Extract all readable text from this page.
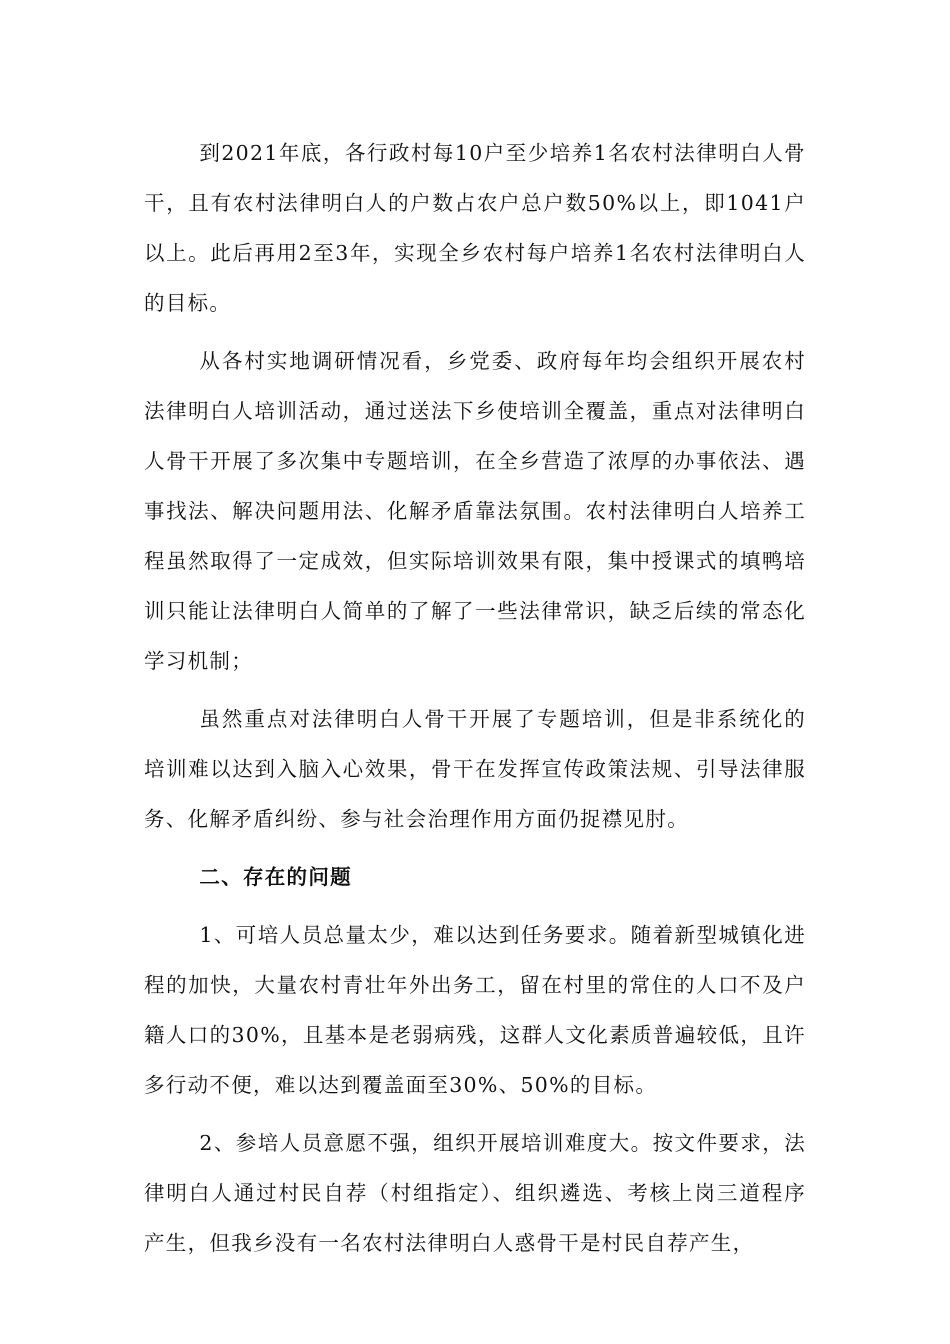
到2021年底，各行政村每10户至少培养1名农村法律明白人骨干，且有农村法律明白人的户数占农户总户数50%以上，即1041户以上。此后再用2至3年，实现全乡农村每户培养1名农村法律明白人的目标。

从各村实地调研情况看，乡党委、政府每年均会组织开展农村法律明白人培训活动，通过送法下乡使培训全覆盖，重点对法律明白人骨干开展了多次集中专题培训，在全乡营造了浓厚的办事依法、遇事找法、解决问题用法、化解矛盾靠法氛围。农村法律明白人培养工程虽然取得了一定成效，但实际培训效果有限，集中授课式的填鸭培训只能让法律明白人简单的了解了一些法律常识，缺乏后续的常态化学习机制；

虽然重点对法律明白人骨干开展了专题培训，但是非系统化的培训难以达到入脑入心效果，骨干在发挥宣传政策法规、引导法律服务、化解矛盾纠纷、参与社会治理作用方面仍捉襟见肘。

二、存在的问题

1、可培人员总量太少，难以达到任务要求。随着新型城镇化进程的加快，大量农村青壮年外出务工，留在村里的常住的人口不及户籍人口的30%，且基本是老弱病残，这群人文化素质普遍较低，且许多行动不便，难以达到覆盖面至30%、50%的目标。

2、参培人员意愿不强，组织开展培训难度大。按文件要求，法律明白人通过村民自荐（村组指定）、组织遴选、考核上岗三道程序产生，但我乡没有一名农村法律明白人惑骨干是村民自荐产生，
